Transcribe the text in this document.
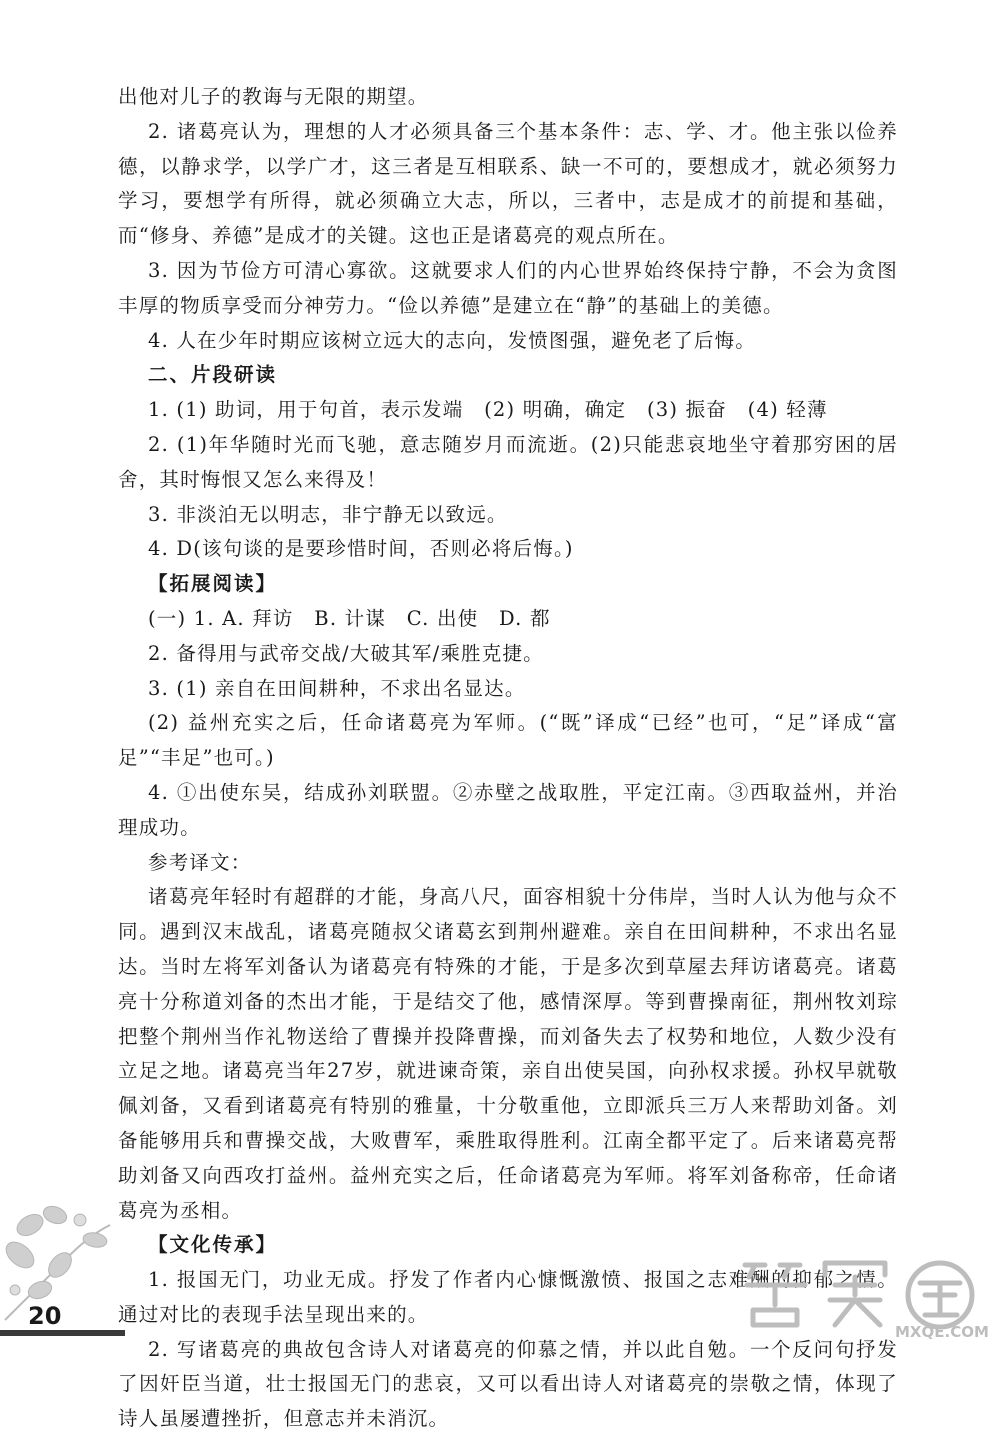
出他对儿子的教诲与无限的期望。

2. 诸葛亮认为，理想的人才必须具备三个基本条件：志、学、才。他主张以俭养德，以静求学，以学广才，这三者是互相联系、缺一不可的，要想成才，就必须努力学习，要想学有所得，就必须确立大志，所以，三者中，志是成才的前提和基础，而“修身、养德”是成才的关键。这也正是诸葛亮的观点所在。

3. 因为节俭方可清心寡欲。这就要求人们的内心世界始终保持宁静，不会为贪图丰厚的物质享受而分神劳力。“俭以养德”是建立在“静”的基础上的美德。

4. 人在少年时期应该树立远大的志向，发愤图强，避免老了后悔。

二、片段研读

1. (1) 助词，用于句首，表示发端　(2) 明确，确定　(3) 振奋　(4) 轻薄

2. (1)年华随时光而飞驰，意志随岁月而流逝。(2)只能悲哀地坐守着那穷困的居舍，其时悔恨又怎么来得及！

3. 非淡泊无以明志，非宁静无以致远。

4. D(该句谈的是要珍惜时间，否则必将后悔。)

【拓展阅读】

(一) 1. A. 拜访　B. 计谋　C. 出使　D. 都

2. 备得用与武帝交战/大破其军/乘胜克捷。

3. (1) 亲自在田间耕种，不求出名显达。

(2) 益州充实之后，任命诸葛亮为军师。(“既”译成“已经”也可，“足”译成“富足”“丰足”也可。)

4. ①出使东吴，结成孙刘联盟。②赤壁之战取胜，平定江南。③西取益州，并治理成功。

参考译文：

诸葛亮年轻时有超群的才能，身高八尺，面容相貌十分伟岸，当时人认为他与众不同。遇到汉末战乱，诸葛亮随叔父诸葛玄到荆州避难。亲自在田间耕种，不求出名显达。当时左将军刘备认为诸葛亮有特殊的才能，于是多次到草屋去拜访诸葛亮。诸葛亮十分称道刘备的杰出才能，于是结交了他，感情深厚。等到曹操南征，荆州牧刘琮把整个荆州当作礼物送给了曹操并投降曹操，而刘备失去了权势和地位，人数少没有立足之地。诸葛亮当年27岁，就进谏奇策，亲自出使吴国，向孙权求援。孙权早就敬佩刘备，又看到诸葛亮有特别的雅量，十分敬重他，立即派兵三万人来帮助刘备。刘备能够用兵和曹操交战，大败曹军，乘胜取得胜利。江南全都平定了。后来诸葛亮帮助刘备又向西攻打益州。益州充实之后，任命诸葛亮为军师。将军刘备称帝，任命诸葛亮为丞相。

【文化传承】

1. 报国无门，功业无成。抒发了作者内心慷慨激愤、报国之志难酬的抑郁之情。通过对比的表现手法呈现出来的。

2. 写诸葛亮的典故包含诗人对诸葛亮的仰慕之情，并以此自勉。一个反问句抒发了因奸臣当道，壮士报国无门的悲哀，又可以看出诗人对诸葛亮的崇敬之情，体现了诗人虽屡遭挫折，但意志并未消沉。

20
MXQE.COM
